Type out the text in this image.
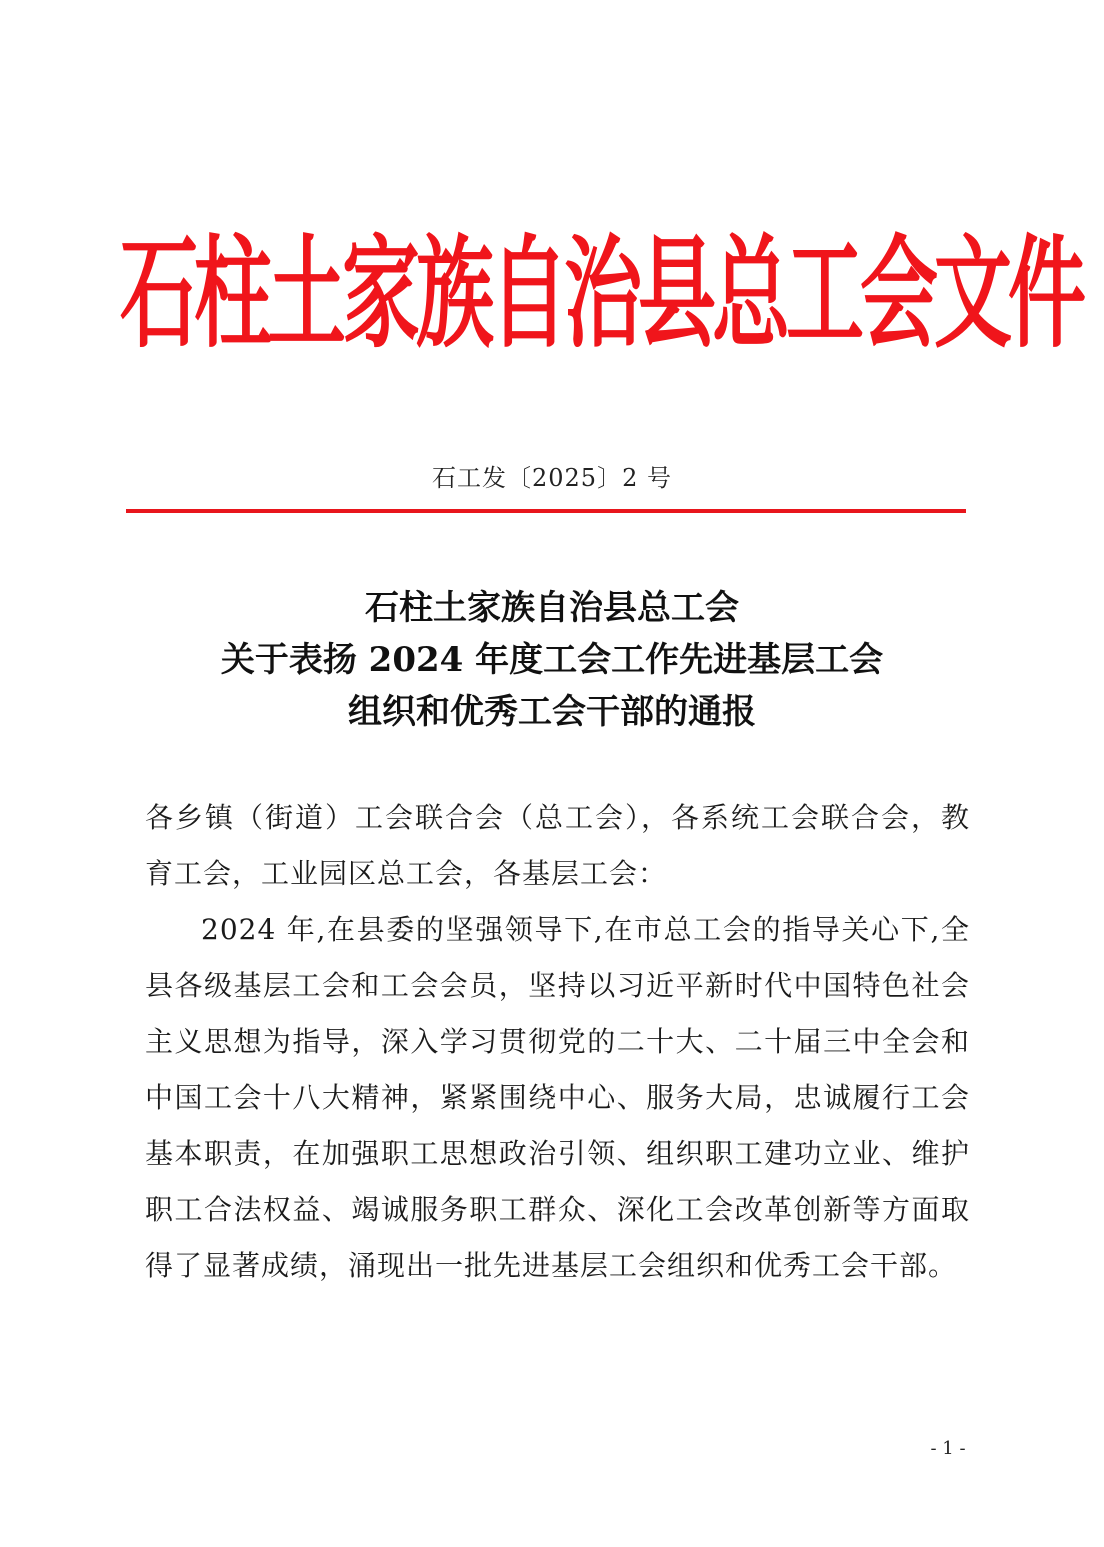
石柱土家族自治县总工会文件
石工发〔2025〕2 号
石柱土家族自治县总工会
关于表扬 2024 年度工会工作先进基层工会
组织和优秀工会干部的通报

各乡镇（街道）工会联合会（总工会），各系统工会联合会，教育工会，工业园区总工会，各基层工会：

2024 年,在县委的坚强领导下,在市总工会的指导关心下,全县各级基层工会和工会会员，坚持以习近平新时代中国特色社会主义思想为指导，深入学习贯彻党的二十大、二十届三中全会和中国工会十八大精神，紧紧围绕中心、服务大局，忠诚履行工会基本职责，在加强职工思想政治引领、组织职工建功立业、维护职工合法权益、竭诚服务职工群众、深化工会改革创新等方面取得了显著成绩，涌现出一批先进基层工会组织和优秀工会干部。

- 1 -
